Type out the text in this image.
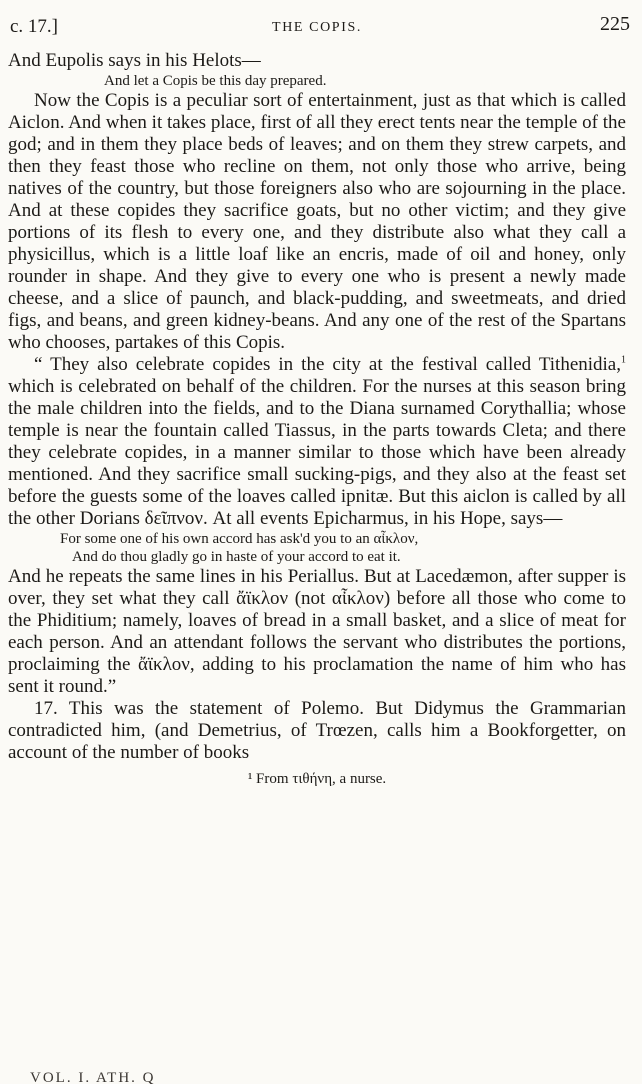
c. 17.]	THE COPIS.	225

And Eupolis says in his Helots—

And let a Copis be this day prepared.

Now the Copis is a peculiar sort of entertainment, just as that which is called Aiclon. And when it takes place, first of all they erect tents near the temple of the god; and in them they place beds of leaves; and on them they strew carpets, and then they feast those who recline on them, not only those who arrive, being natives of the country, but those foreigners also who are sojourning in the place. And at these copides they sacrifice goats, but no other victim; and they give portions of its flesh to every one, and they distribute also what they call a physicillus, which is a little loaf like an encris, made of oil and honey, only rounder in shape. And they give to every one who is present a newly made cheese, and a slice of paunch, and black-pudding, and sweetmeats, and dried figs, and beans, and green kidney-beans. And any one of the rest of the Spartans who chooses, partakes of this Copis.

“ They also celebrate copides in the city at the festival called Tithenidia,$^1$ which is celebrated on behalf of the children. For the nurses at this season bring the male children into the fields, and to the Diana surnamed Corythallia; whose temple is near the fountain called Tiassus, in the parts towards Cleta; and there they celebrate copides, in a manner similar to those which have been already mentioned. And they sacrifice small sucking-pigs, and they also at the feast set before the guests some of the loaves called ipnitæ. But this aiclon is called by all the other Dorians δεῖπνον. At all events Epicharmus, in his Hope, says—

For some one of his own accord has ask'd you to an αἶκλον,

And do thou gladly go in haste of your accord to eat it.

And he repeats the same lines in his Periallus. But at Lacedæmon, after supper is over, they set what they call ἄϊκλον (not αἶκλον) before all those who come to the Phiditium; namely, loaves of bread in a small basket, and a slice of meat for each person. And an attendant follows the servant who distributes the portions, proclaiming the ἄϊκλον, adding to his proclamation the name of him who has sent it round.”

17. This was the statement of Polemo. But Didymus the Grammarian contradicted him, (and Demetrius, of Trœzen, calls him a Bookforgetter, on account of the number of books

¹ From τιθήνη, a nurse.
VOL. I. ATH. Q
